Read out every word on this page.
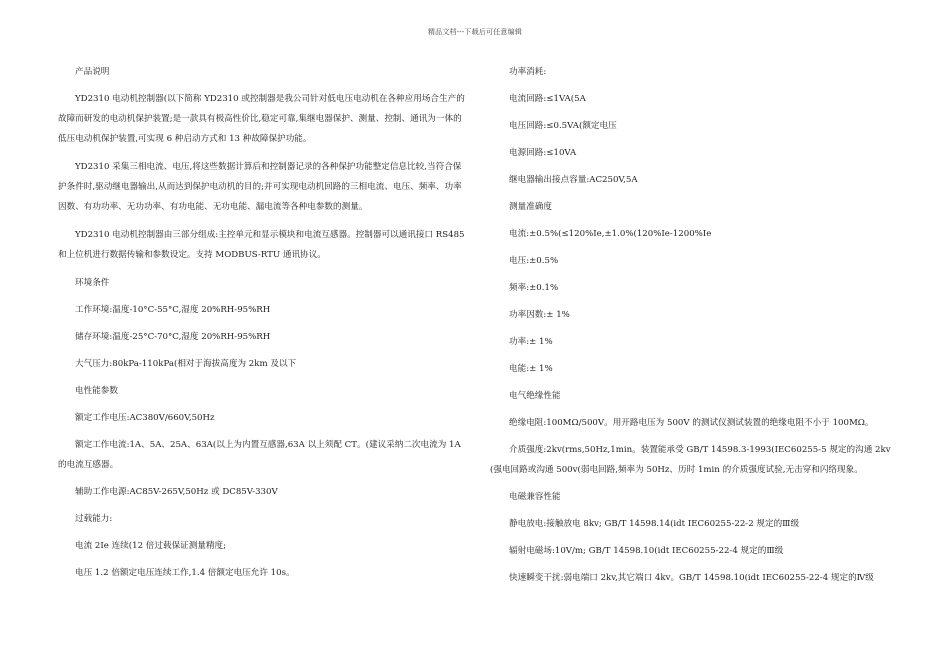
精品文档---下载后可任意编辑

产品说明

YD2310 电动机控制器(以下简称 YD2310 或控制器是我公司针对低电压电动机在各种应用场合生产的故障而研发的电动机保护装置;是一款具有极高性价比,稳定可靠,集继电器保护、测量、控制、通讯为一体的低压电动机保护装置,可实现 6 种启动方式和 13 种故障保护功能。

YD2310 采集三相电流、电压,将这些数据计算后和控制器记录的各种保护功能整定信息比较,当符合保护条件时,驱动继电器输出,从而达到保护电动机的目的;并可实现电动机回路的三相电流、电压、频率、功率因数、有功功率、无功功率、有功电能、无功电能、漏电流等各种电参数的测量。

YD2310 电动机控制器由三部分组成:主控单元和显示模块和电流互感器。控制器可以通讯接口 RS485 和上位机进行数据传输和参数设定。支持 MODBUS-RTU 通讯协议。

环境条件

工作环境:温度-10°C-55°C,湿度 20%RH-95%RH

储存环境:温度-25°C-70°C,湿度 20%RH-95%RH

大气压力:80kPa-110kPa(相对于海拔高度为 2km 及以下

电性能参数

额定工作电压:AC380V/660V,50Hz

额定工作电流:1A、5A、25A、63A(以上为内置互感器,63A 以上须配 CT。(建议采纳二次电流为 1A 的电流互感器。

辅助工作电源:AC85V-265V,50Hz 或 DC85V-330V

过载能力:

电流 2Ie 连续(12 倍过载保证测量精度;

电压 1.2 倍额定电压连续工作,1.4 倍额定电压允许 10s。

功率消耗:

电流回路:≤1VA(5A

电压回路:≤0.5VA(额定电压

电源回路:≤10VA

继电器输出接点容量:AC250V,5A

测量准确度

电流:±0.5%(≤120%Ie,±1.0%(120%Ie-1200%Ie

电压:±0.5%

频率:±0.1%

功率因数:± 1%

功率:± 1%

电能:± 1%

电气绝缘性能

绝缘电阻:100MΩ/500V。用开路电压为 500V 的测试仪测试装置的绝缘电阻不小于 100MΩ。

介质强度:2kv(rms,50Hz,1min。装置能承受 GB/T 14598.3-1993(IEC60255-5 规定的沟通 2kv (强电回路或沟通 500v(弱电回路,频率为 50Hz、历时 1min 的介质强度试验,无击穿和闪络现象。

电磁兼容性能

静电放电:接触放电 8kv; GB/T 14598.14(idt IEC60255-22-2 规定的Ⅲ级

辐射电磁场:10V/m; GB/T 14598.10(idt IEC60255-22-4 规定的Ⅲ级

快速瞬变干扰:弱电端口 2kv,其它端口 4kv。GB/T 14598.10(idt IEC60255-22-4 规定的Ⅳ级
